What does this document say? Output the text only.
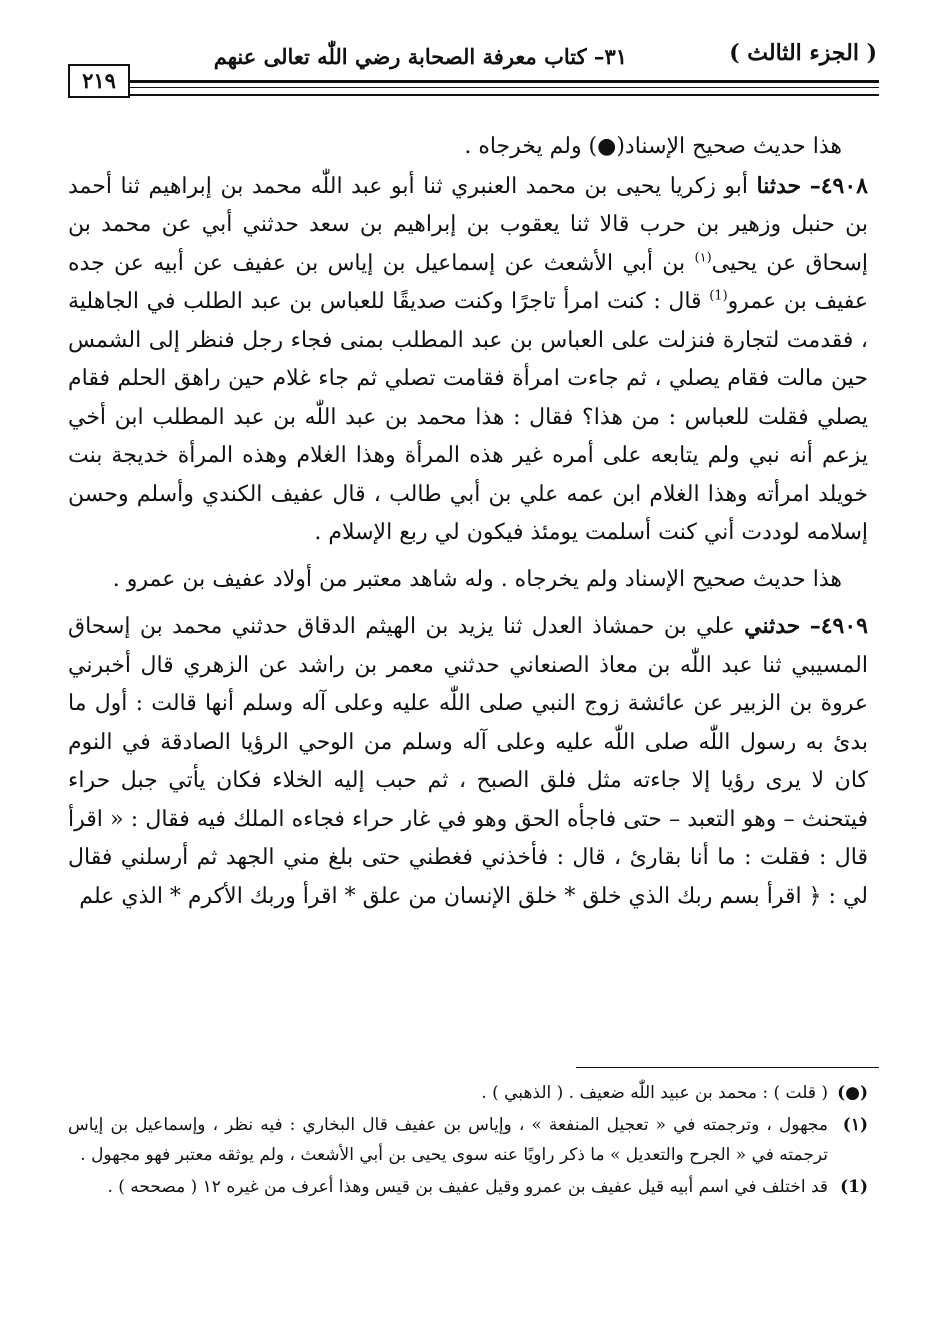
( الجزء الثالث )
٣١– كتاب معرفة الصحابة رضي اللّٰه تعالى عنهم
٢١٩

هذا حديث صحيح الإسناد(●) ولم يخرجاه .

٤٩٠٨– حدثنا أبو زكريا يحيى بن محمد العنبري ثنا أبو عبد اللّٰه محمد بن إبراهيم ثنا أحمد بن حنبل وزهير بن حرب قالا ثنا يعقوب بن إبراهيم بن سعد حدثني أبي عن محمد بن إسحاق عن يحيى$^{(١)}$ بن أبي الأشعث عن إسماعيل بن إياس بن عفيف عن أبيه عن جده عفيف بن عمرو$^{(1)}$ قال : كنت امرأ تاجرًا وكنت صديقًا للعباس بن عبد الطلب في الجاهلية ، فقدمت لتجارة فنزلت على العباس بن عبد المطلب بمنى فجاء رجل فنظر إلى الشمس حين مالت فقام يصلي ، ثم جاءت امرأة فقامت تصلي ثم جاء غلام حين راهق الحلم فقام يصلي فقلت للعباس : من هذا؟ فقال : هذا محمد بن عبد اللّٰه بن عبد المطلب ابن أخي يزعم أنه نبي ولم يتابعه على أمره غير هذه المرأة وهذا الغلام وهذه المرأة خديجة بنت خويلد امرأته وهذا الغلام ابن عمه علي بن أبي طالب ، قال عفيف الكندي وأسلم وحسن إسلامه لوددت أني كنت أسلمت يومئذ فيكون لي ربع الإسلام .

هذا حديث صحيح الإسناد ولم يخرجاه . وله شاهد معتبر من أولاد عفيف بن عمرو .

٤٩٠٩– حدثني علي بن حمشاذ العدل ثنا يزيد بن الهيثم الدقاق حدثني محمد بن إسحاق المسيبي ثنا عبد اللّٰه بن معاذ الصنعاني حدثني معمر بن راشد عن الزهري قال أخبرني عروة بن الزبير عن عائشة زوج النبي صلى اللّٰه عليه وعلى آله وسلم أنها قالت : أول ما بدئ به رسول اللّٰه صلى اللّٰه عليه وعلى آله وسلم من الوحي الرؤيا الصادقة في النوم كان لا يرى رؤيا إلا جاءته مثل فلق الصبح ، ثم حبب إليه الخلاء فكان يأتي جبل حراء فيتحنث – وهو التعبد – حتى فاجأه الحق وهو في غار حراء فجاءه الملك فيه فقال : « اقرأ قال : فقلت : ما أنا بقارئ ، قال : فأخذني فغطني حتى بلغ مني الجهد ثم أرسلني فقال لي : ﴿ اقرأ بسم ربك الذي خلق * خلق الإنسان من علق * اقرأ وربك الأكرم * الذي علم

(●)
( قلت ) : محمد بن عبيد اللّٰه ضعيف . ( الذهبي ) .
(١)
مجهول ، وترجمته في « تعجيل المنفعة » ، وإياس بن عفيف قال البخاري : فيه نظر ، وإسماعيل بن إياس ترجمته في « الجرح والتعديل » ما ذكر راويًا عنه سوى يحيى بن أبي الأشعث ، ولم يوثقه معتبر فهو مجهول .
(1)
قد اختلف في اسم أبيه قيل عفيف بن عمرو وقيل عفيف بن قيس وهذا أعرف من غيره ١٢ ( مصححه ) .
